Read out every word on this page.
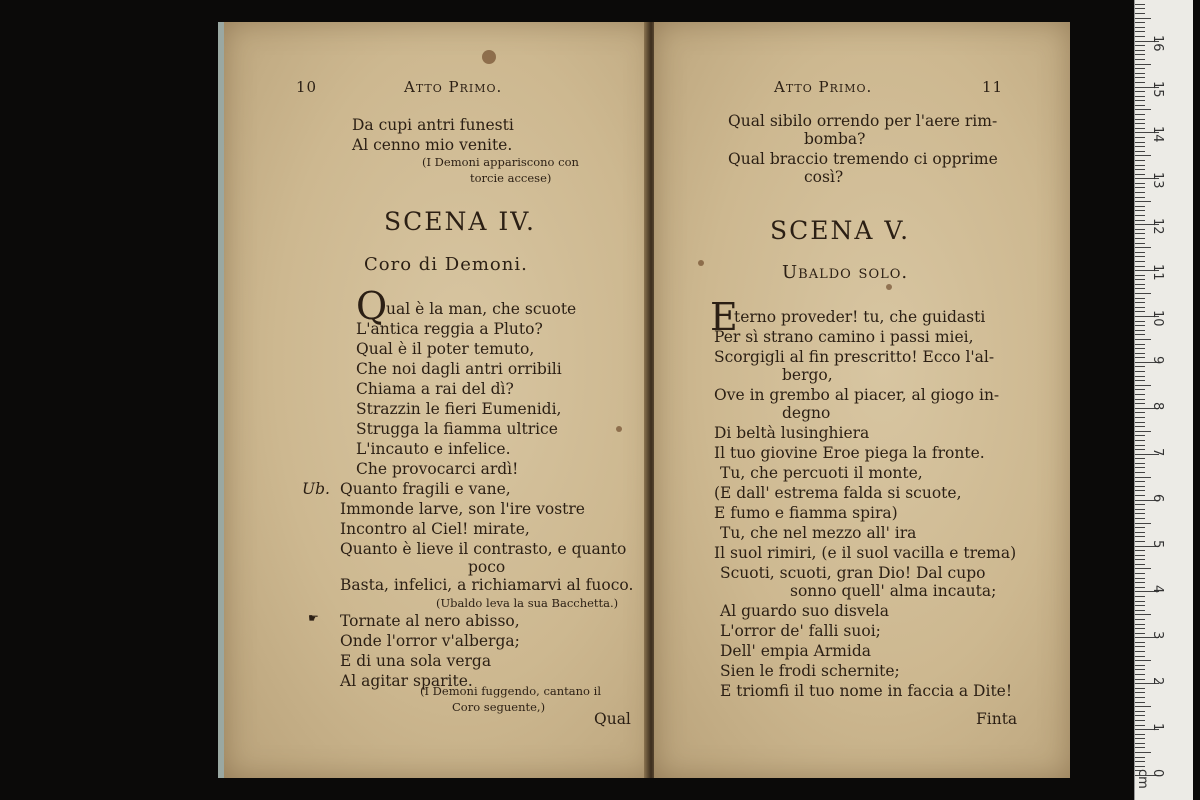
10	Atto Primo.
Da cupi antri funesti
Al cenno mio venite.
(I Demoni appariscono con
torcie accese)
SCENA IV.
Coro di Demoni.
Q
ual è la man, che scuote
L'antica reggia a Pluto?
Qual è il poter temuto,
Che noi dagli antri orribili
Chiama a rai del dì?
Strazzin le fieri Eumenidi,
Strugga la fiamma ultrice
L'incauto e infelice.
Che provocarci ardì!
Ub. Quanto fragili e vane,
Immonde larve, son l'ire vostre
Incontro al Ciel! mirate,
Quanto è lieve il contrasto, e quanto
poco
Basta, infelici, a richiamarvi al fuoco.
(Ubaldo leva la sua Bacchetta.)
☛ Tornate al nero abisso,
Onde l'orror v'alberga;
E di una sola verga
Al agitar sparite.
(I Demoni fuggendo, cantano il
Coro seguente,)
Qual
Atto Primo.	11
Qual sibilo orrendo per l'aere rim-
bomba?
Qual braccio tremendo ci opprime
così?
SCENA V.
Ubaldo solo.
E
terno proveder! tu, che guidasti
Per sì strano camino i passi miei,
Scorgigli al fin prescritto! Ecco l'al-
bergo,
Ove in grembo al piacer, al giogo in-
degno
Di beltà lusinghiera
Il tuo giovine Eroe piega la fronte.
Tu, che percuoti il monte,
(E dall' estrema falda si scuote,
E fumo e fiamma spira)
Tu, che nel mezzo all' ira
Il suol rimiri, (e il suol vacilla e trema)
Scuoti, scuoti, gran Dio! Dal cupo
sonno quell' alma incauta;
Al guardo suo disvela
L'orror de' falli suoi;
Dell' empia Armida
Sien le frodi schernite;
E triomfi il tuo nome in faccia a Dite!
Finta
0 cm
1
2
3
4
5
6
7
8
9
10
11
12
13
14
15
16
